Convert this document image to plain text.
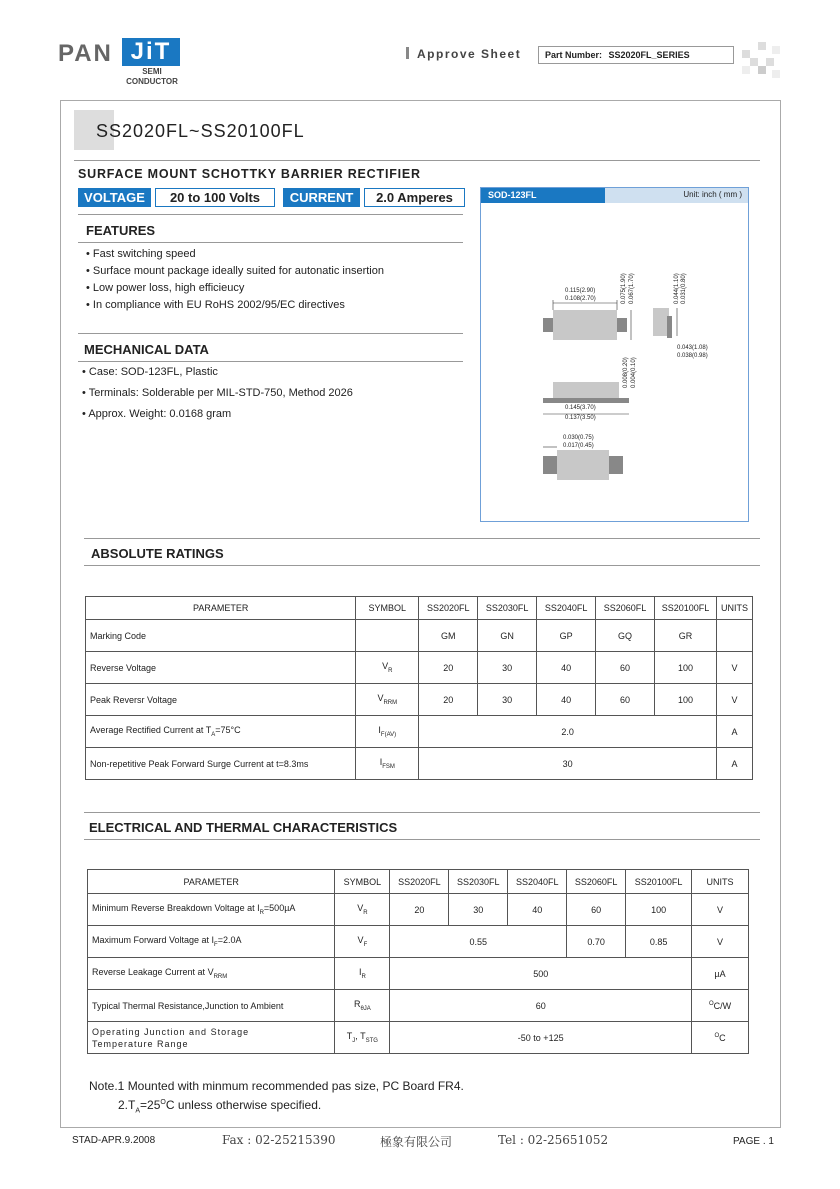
PAN JiT
SEMI
CONDUCTOR
Approve Sheet	Part Number: SS2020FL_SERIES
SS2020FL~SS20100FL
SURFACE MOUNT SCHOTTKY BARRIER RECTIFIER
VOLTAGE	20 to 100 Volts	CURRENT	2.0 Amperes
FEATURES
• Fast switching speed
• Surface mount package ideally suited for autonatic insertion
• Low power loss, high efficieucy
• In compliance with EU RoHS 2002/95/EC directives
MECHANICAL DATA
• Case: SOD-123FL, Plastic
• Terminals: Solderable per MIL-STD-750, Method 2026
• Approx. Weight: 0.0168 gram
SOD-123FL	Unit: inch ( mm )
0.115(2.90)
0.108(2.70)	0.075(1.90) 0.067(1.70)	0.044(1.10) 0.031(0.80)
0.043(1.08)
0.038(0.98)
0.008(0.20) 0.004(0.10)
0.145(3.70)
0.137(3.50)
0.030(0.75)
0.017(0.45)
ABSOLUTE RATINGS
PARAMETER	SYMBOL	SS2020FL	SS2030FL	SS2040FL	SS2060FL	SS20100FL	UNITS
Marking Code		GM	GN	GP	GQ	GR	
Reverse Voltage	$V_R$	20	30	40	60	100	V
Peak Reversr Voltage	$V_{RRM}$	20	30	40	60	100	V
Average Rectified Current at $T_A=75^\circ C$	$I_{F(AV)}$	2.0					A
Non-repetitive Peak Forward Surge Current at t=8.3ms	$I_{FSM}$	30					A
ELECTRICAL AND THERMAL CHARACTERISTICS
PARAMETER	SYMBOL	SS2020FL	SS2030FL	SS2040FL	SS2060FL	SS20100FL	UNITS
Minimum Reverse Breakdown Voltage at $I_R=500\mu A$	$V_R$	20	30	40	60	100	V
Maximum Forward Voltage at $I_F=2.0A$	$V_F$	0.55			0.70	0.85	V
Reverse Leakage Current at $V_{RRM}$	$I_R$	500					µA
Typical Thermal Resistance,Junction to Ambient	$R_{\theta JA}$	60					$^O$C/W

Operating Junction and Storage
Temperature Range	$T_J$, $T_{STG}$	-50 to +125					$^O$C
Note.1 Mounted with minmum recommended pas size, PC Board FR4.
$2.T_A=25^OC$ unless otherwise specified.
STAD-APR.9.2008	Fax : 02-25215390	極象有限公司	Tel : 02-25651052	PAGE . 1
